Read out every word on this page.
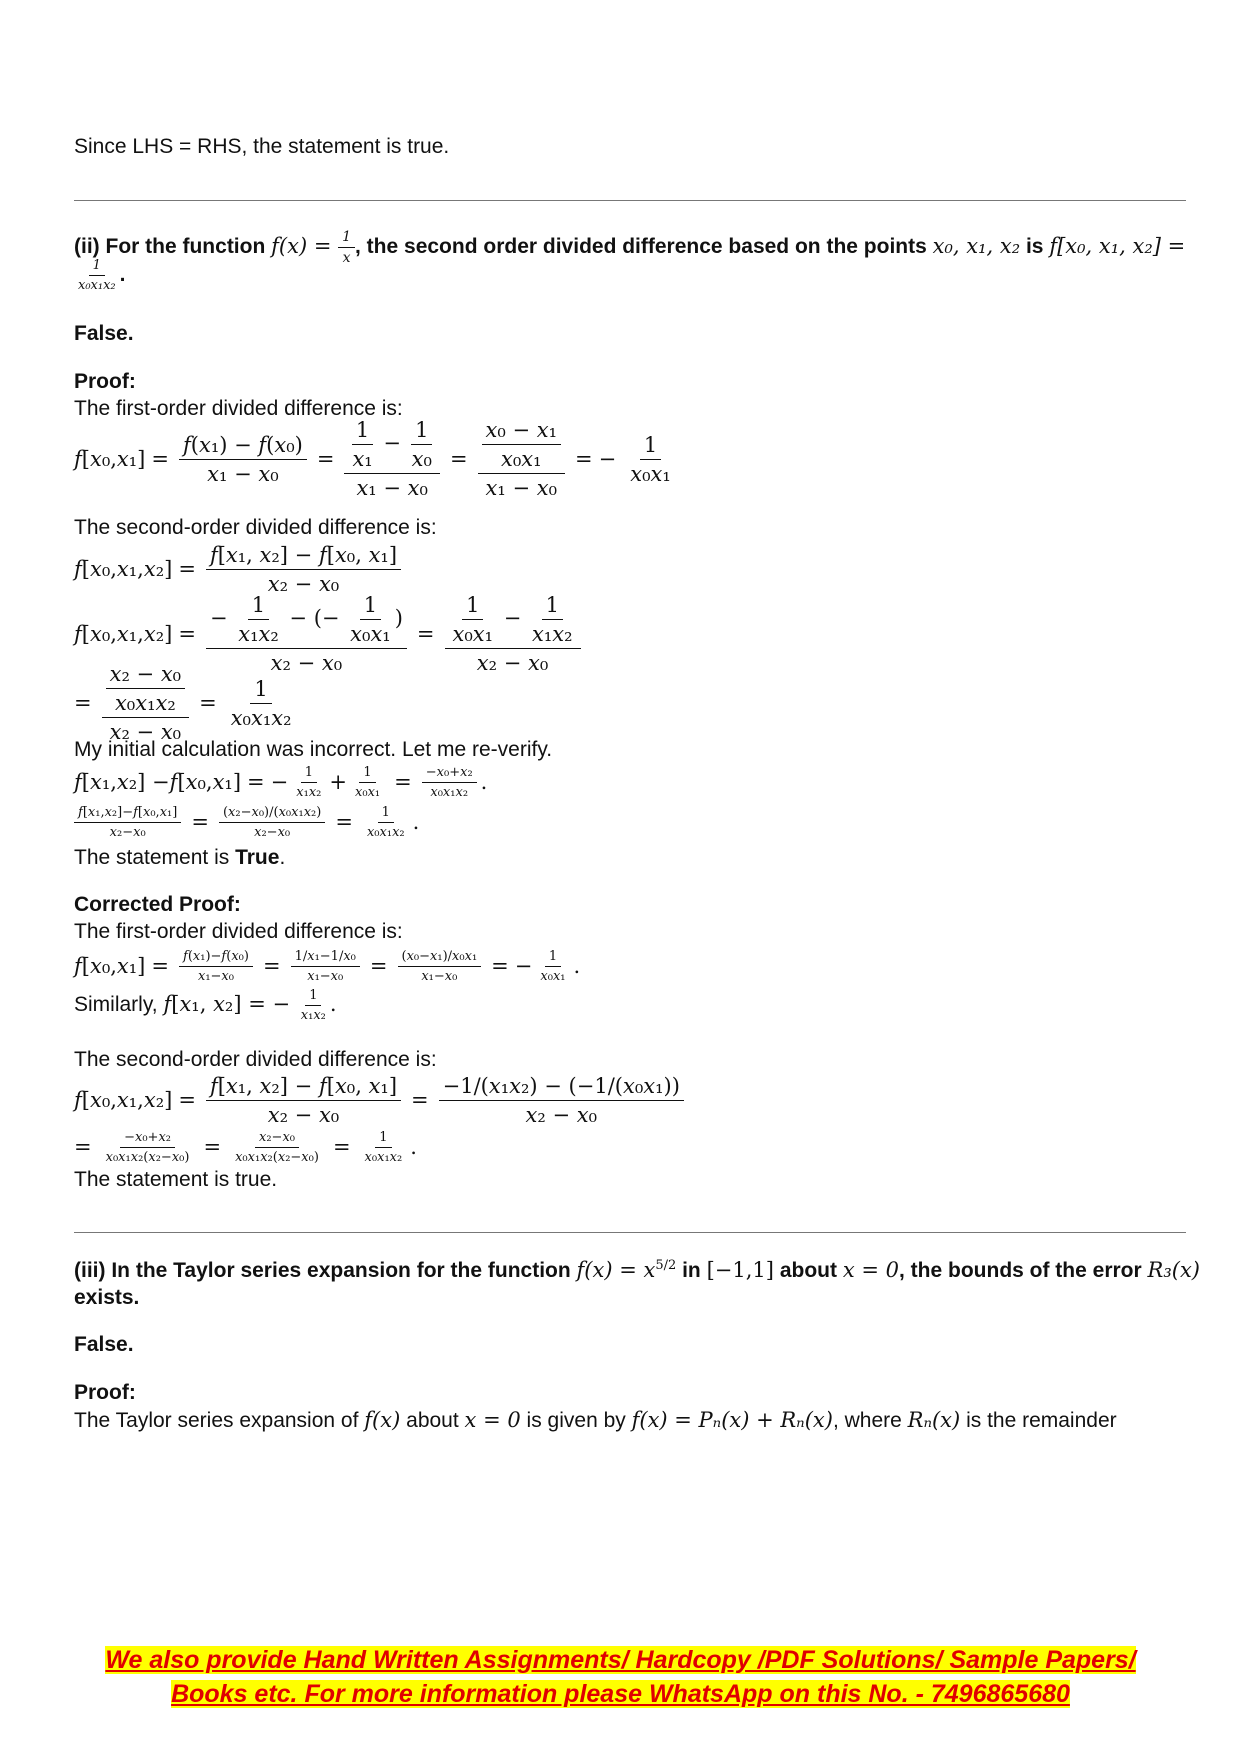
Since LHS = RHS, the statement is true.
(ii) For the function $f(x) = \frac{1}{x}$ , the second order divided difference based on the points x₀, x₁, x₂ is f[x₀, x₁, x₂] =
$\frac{1}{\text{x₀x₁x₂}}$ .
False.
Proof:
The first-order divided difference is:
f [ x ₀, x $_1] = \frac{\text{f(x₁) − f(x₀)}}{\text{x₁ − x₀}} = \frac{\frac{1}{\text{x₁}} - \frac{1}{\text{x₀}}}{\text{x₁ − x₀}} = \frac{\frac{\text{x₀ − x₁}}{\text{x₀x₁}}}{\text{x₁ − x₀}}$ = − $\frac{1}{\text{x₀x₁}}$
The second-order divided difference is:
f [ x ₀, x ₁, x $_2] = \frac{\text{f[x₁, x₂] − f[x₀, x₁]}}{\text{x₂ − x₀}}$
f [ x ₀, x ₁, x $_2] = \frac{- \frac{1}{\text{x₁x₂}} - (- \frac{1}{\text{x₀x₁}} )}{\text{x₂ − x₀}} = \frac{\frac{1}{\text{x₀x₁}} - \frac{1}{\text{x₁x₂}}}{\text{x₂ − x₀}}$
= $\frac{\frac{\text{x₂ − x₀}}{\text{x₀x₁x₂}}}{\text{x₂ − x₀}} = \frac{1}{\text{x₀x₁x₂}}$
My initial calculation was incorrect. Let me re-verify.
f [ x ₁, x ₂] − f [ x ₀, x ₁] = − $\frac{1}{\text{x₁x₂}} + \frac{1}{\text{x₀x₁}} = \frac{\text{−x₀+x₂}}{\text{x₀x₁x₂}}$ .
$\frac{\text{f[x₁,x₂]−f[x₀,x₁]}}{\text{x₂−x₀}} = \frac{\text{(x₂−x₀)/(x₀x₁x₂)}}{\text{x₂−x₀}} = \frac{1}{\text{x₀x₁x₂}}$ .
The statement is True.
Corrected Proof:
The first-order divided difference is:
f [ x ₀, x $_1] = \frac{\text{f(x₁)−f(x₀)}}{\text{x₁−x₀}} = \frac{\text{1/x₁−1/x₀}}{\text{x₁−x₀}} = \frac{\text{(x₀−x₁)/x₀x₁}}{\text{x₁−x₀}}$ = − $\frac{1}{\text{x₀x₁}}$ .
Similarly, f[x₁, x₂] = − $\frac{1}{\text{x₁x₂}}$ .
The second-order divided difference is:
f [ x ₀, x ₁, x $_2] = \frac{\text{f[x₁, x₂] − f[x₀, x₁]}}{\text{x₂ − x₀}} = \frac{\text{−1/(x₁x₂) − (−1/(x₀x₁))}}{\text{x₂ − x₀}}$
= $\frac{\text{−x₀+x₂}}{\text{x₀x₁x₂(x₂−x₀)}} = \frac{\text{x₂−x₀}}{\text{x₀x₁x₂(x₂−x₀)}} = \frac{1}{\text{x₀x₁x₂}}$ .
The statement is true.
(iii) In the Taylor series expansion for the function $f(x) = x^{5/2}$ in [−1,1] about x = 0, the bounds of the error R₃(x)
exists.
False.
Proof:
The Taylor series expansion of f(x) about x = 0 is given by f(x) = Pₙ(x) + Rₙ(x), where Rₙ(x) is the remainder
We also provide Hand Written Assignments/ Hardcopy /PDF Solutions/ Sample Papers/
Books etc. For more information please WhatsApp on this No. - 7496865680
